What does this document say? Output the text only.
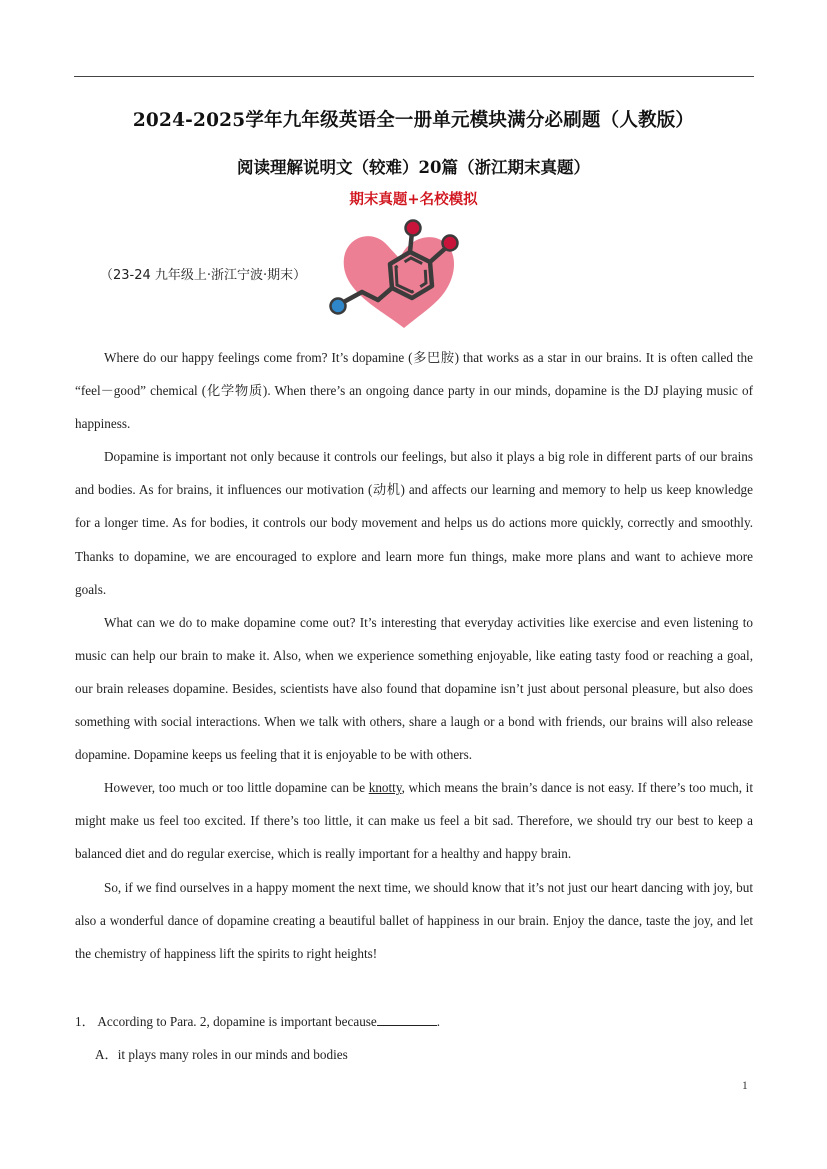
2024-2025学年九年级英语全一册单元模块满分必刷题（人教版）
阅读理解说明文（较难）20篇（浙江期末真题）
期末真题+名校模拟
（23-24 九年级上·浙江宁波·期末）

Where do our happy feelings come from? It’s dopamine (多巴胺) that works as a star in our brains. It is often called the “feel－good” chemical (化学物质). When there’s an ongoing dance party in our minds, dopamine is the DJ playing music of happiness.

Dopamine is important not only because it controls our feelings, but also it plays a big role in different parts of our brains and bodies. As for brains, it influences our motivation (动机) and affects our learning and memory to help us keep knowledge for a longer time. As for bodies, it controls our body movement and helps us do actions more quickly, correctly and smoothly. Thanks to dopamine, we are encouraged to explore and learn more fun things, make more plans and want to achieve more goals.

What can we do to make dopamine come out? It’s interesting that everyday activities like exercise and even listening to music can help our brain to make it. Also, when we experience something enjoyable, like eating tasty food or reaching a goal, our brain releases dopamine. Besides, scientists have also found that dopamine isn’t just about personal pleasure, but also does something with social interactions. When we talk with others, share a laugh or a bond with friends, our brains will also release dopamine. Dopamine keeps us feeling that it is enjoyable to be with others.

However, too much or too little dopamine can be knotty, which means the brain’s dance is not easy. If there’s too much, it might make us feel too excited. If there’s too little, it can make us feel a bit sad. Therefore, we should try our best to keep a balanced diet and do regular exercise, which is really important for a healthy and happy brain.

So, if we find ourselves in a happy moment the next time, we should know that it’s not just our heart dancing with joy, but also a wonderful dance of dopamine creating a beautiful ballet of happiness in our brain. Enjoy the dance, taste the joy, and let the chemistry of happiness lift the spirits to right heights!

1． According to Para. 2, dopamine is important because	.
A．it plays many roles in our minds and bodies
1
